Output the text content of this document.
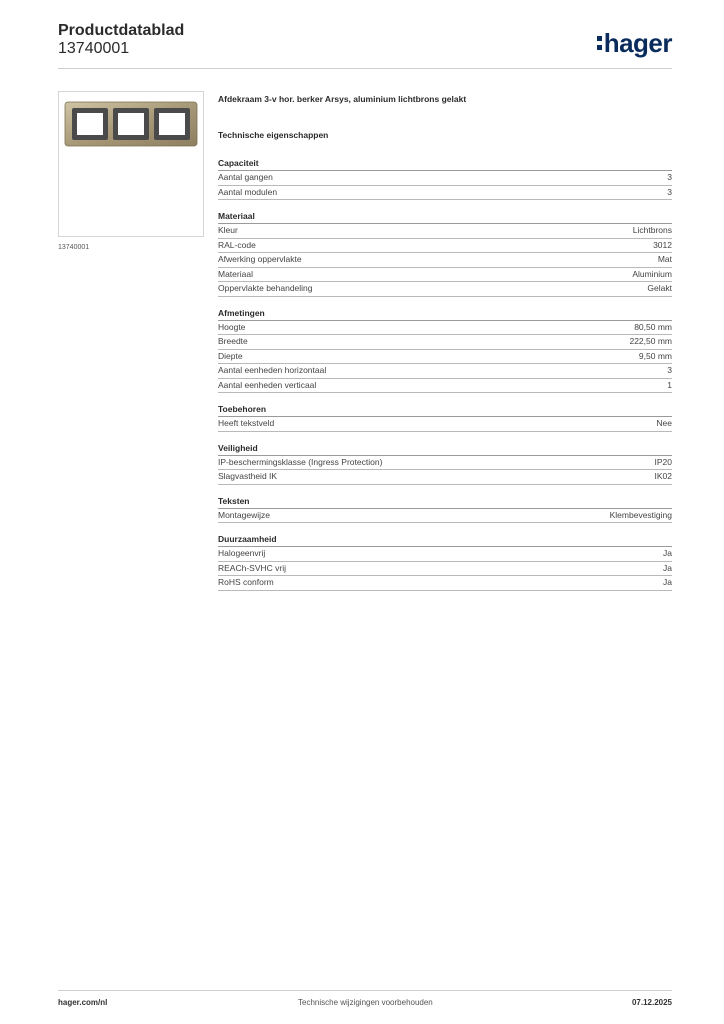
Productdatablad
13740001	hager
13740001
Afdekraam 3-v hor. berker Arsys, aluminium lichtbrons gelakt
Technische eigenschappen
Capaciteit
Aantal gangen	3
Aantal modulen	3
Materiaal
Kleur	Lichtbrons
RAL-code	3012
Afwerking oppervlakte	Mat
Materiaal	Aluminium
Oppervlakte behandeling	Gelakt
Afmetingen
Hoogte	80,50 mm
Breedte	222,50 mm
Diepte	9,50 mm
Aantal eenheden horizontaal	3
Aantal eenheden verticaal	1
Toebehoren
Heeft tekstveld	Nee
Veiligheid
IP-beschermingsklasse (Ingress Protection)	IP20
Slagvastheid IK	IK02
Teksten
Montagewijze	Klembevestiging
Duurzaamheid
Halogeenvrij	Ja
REACh-SVHC vrij	Ja
RoHS conform	Ja
hager.com/nl	Technische wijzigingen voorbehouden	07.12.2025
